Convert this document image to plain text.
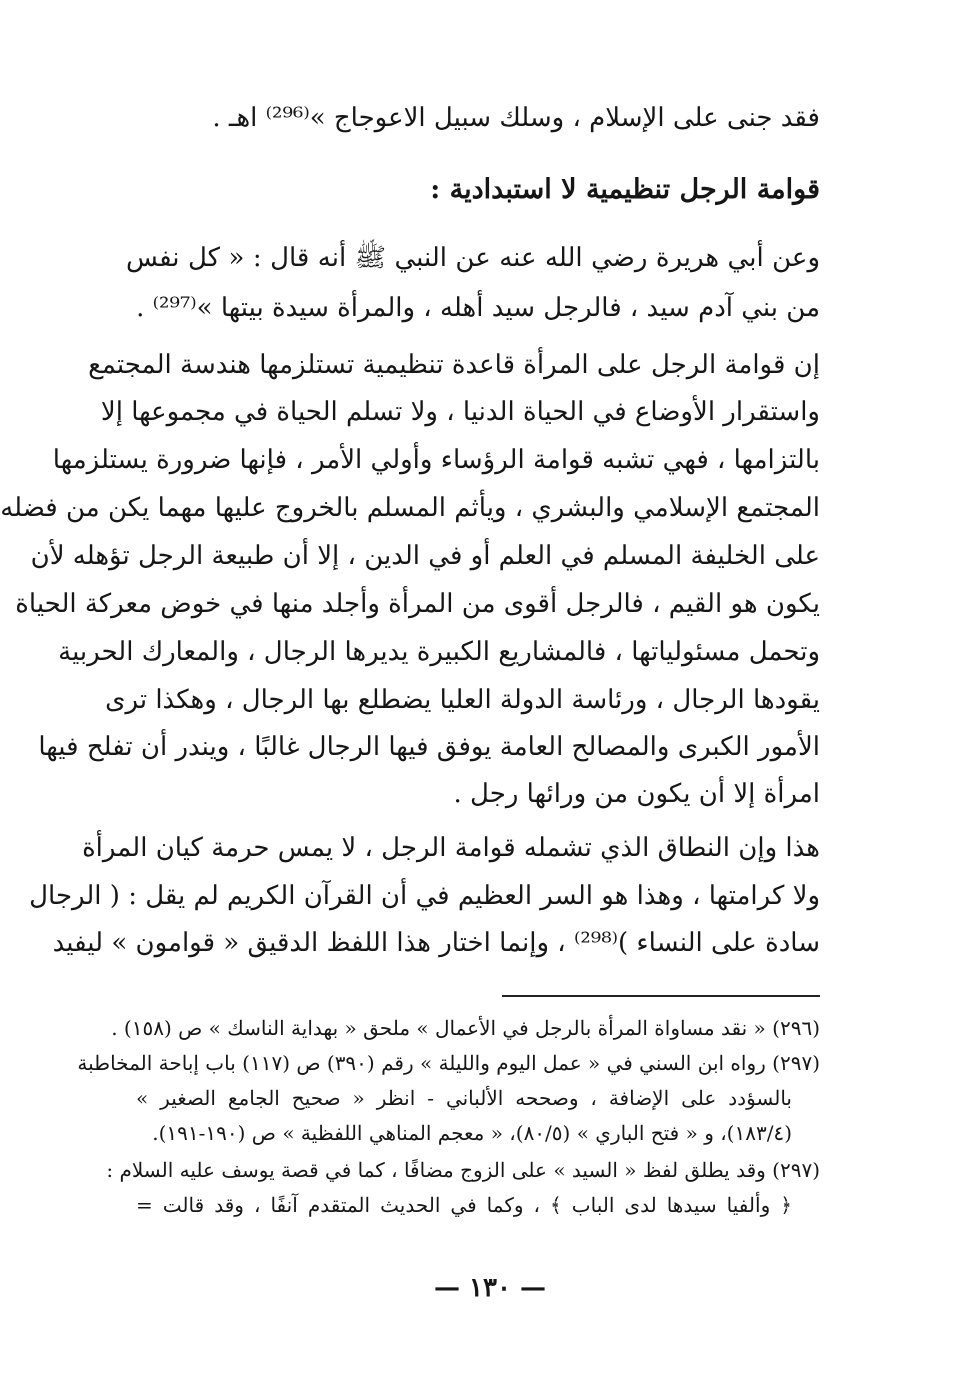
فقد جنى على الإسلام ، وسلك سبيل الاعوجاج »⁽²⁹⁶⁾ اهـ .
قوامة الرجل تنظيمية لا استبدادية :
وعن أبي هريرة رضي الله عنه عن النبي ﷺ أنه قال : « كل نفس
من بني آدم سيد ، فالرجل سيد أهله ، والمرأة سيدة بيتها »⁽²⁹⁷⁾ .
إن قوامة الرجل على المرأة قاعدة تنظيمية تستلزمها هندسة المجتمع
واستقرار الأوضاع في الحياة الدنيا ، ولا تسلم الحياة في مجموعها إلا
بالتزامها ، فهي تشبه قوامة الرؤساء وأولي الأمر ، فإنها ضرورة يستلزمها
المجتمع الإسلامي والبشري ، ويأثم المسلم بالخروج عليها مهما يكن من فضله
على الخليفة المسلم في العلم أو في الدين ، إلا أن طبيعة الرجل تؤهله لأن
يكون هو القيم ، فالرجل أقوى من المرأة وأجلد منها في خوض معركة الحياة
وتحمل مسئولياتها ، فالمشاريع الكبيرة يديرها الرجال ، والمعارك الحربية
يقودها الرجال ، ورئاسة الدولة العليا يضطلع بها الرجال ، وهكذا ترى
الأمور الكبرى والمصالح العامة يوفق فيها الرجال غالبًا ، ويندر أن تفلح فيها
امرأة إلا أن يكون من ورائها رجل .
هذا وإن النطاق الذي تشمله قوامة الرجل ، لا يمس حرمة كيان المرأة
ولا كرامتها ، وهذا هو السر العظيم في أن القرآن الكريم لم يقل : ( الرجال
سادة على النساء )⁽²⁹⁸⁾ ، وإنما اختار هذا اللفظ الدقيق « قوامون » ليفيد
(٢٩٦) « نقد مساواة المرأة بالرجل في الأعمال » ملحق « بهداية الناسك » ص (١٥٨) .
(٢٩٧) رواه ابن السني في « عمل اليوم والليلة » رقم (٣٩٠) ص (١١٧) باب إباحة المخاطبة
بالسؤدد على الإضافة ، وصححه الألباني - انظر « صحيح الجامع الصغير »
(١٨٣/٤)، و « فتح الباري » (٨٠/٥)، « معجم المناهي اللفظية » ص (١٩٠-١٩١).
(٢٩٧) وقد يطلق لفظ « السيد » على الزوج مضافًا ، كما في قصة يوسف عليه السلام :
﴿ وألفيا سيدها لدى الباب ﴾ ، وكما في الحديث المتقدم آنفًا ، وقد قالت =
— ١٣٠ —
